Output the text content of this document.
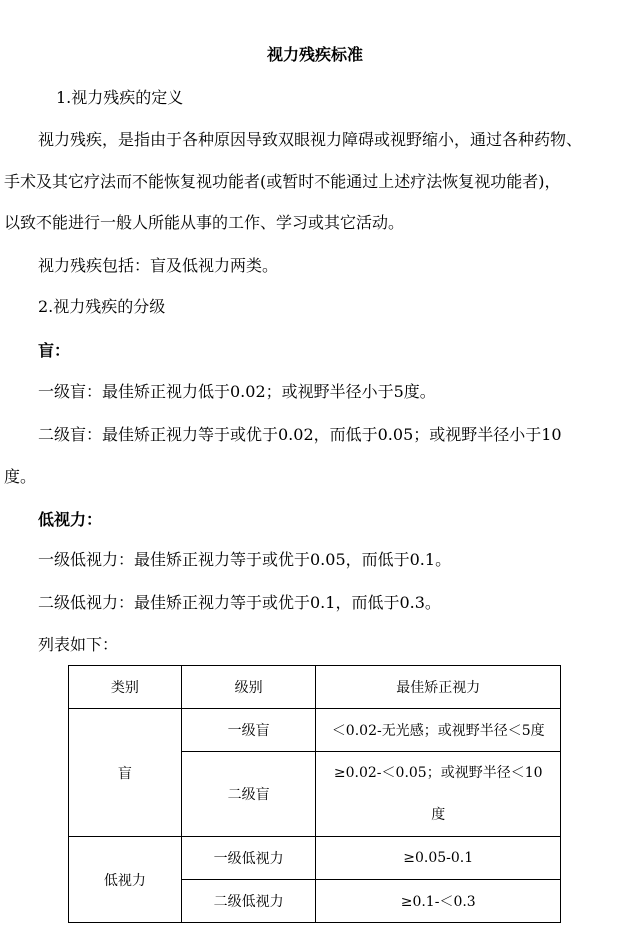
视力残疾标准
1.视力残疾的定义
视力残疾，是指由于各种原因导致双眼视力障碍或视野缩小，通过各种药物、
手术及其它疗法而不能恢复视功能者(或暂时不能通过上述疗法恢复视功能者)，
以致不能进行一般人所能从事的工作、学习或其它活动。
视力残疾包括：盲及低视力两类。
2.视力残疾的分级
盲：
一级盲：最佳矫正视力低于0.02；或视野半径小于5度。
二级盲：最佳矫正视力等于或优于0.02，而低于0.05；或视野半径小于10
度。
低视力：
一级低视力：最佳矫正视力等于或优于0.05，而低于0.1。
二级低视力：最佳矫正视力等于或优于0.1，而低于0.3。
列表如下：
类别	级别	最佳矫正视力
盲	一级盲	＜0.02-无光感；或视野半径＜5度
	二级盲	≥0.02-＜0.05；或视野半径＜10
度

低视力	一级低视力	≥0.05-0.1
	二级低视力	≥0.1-＜0.3
